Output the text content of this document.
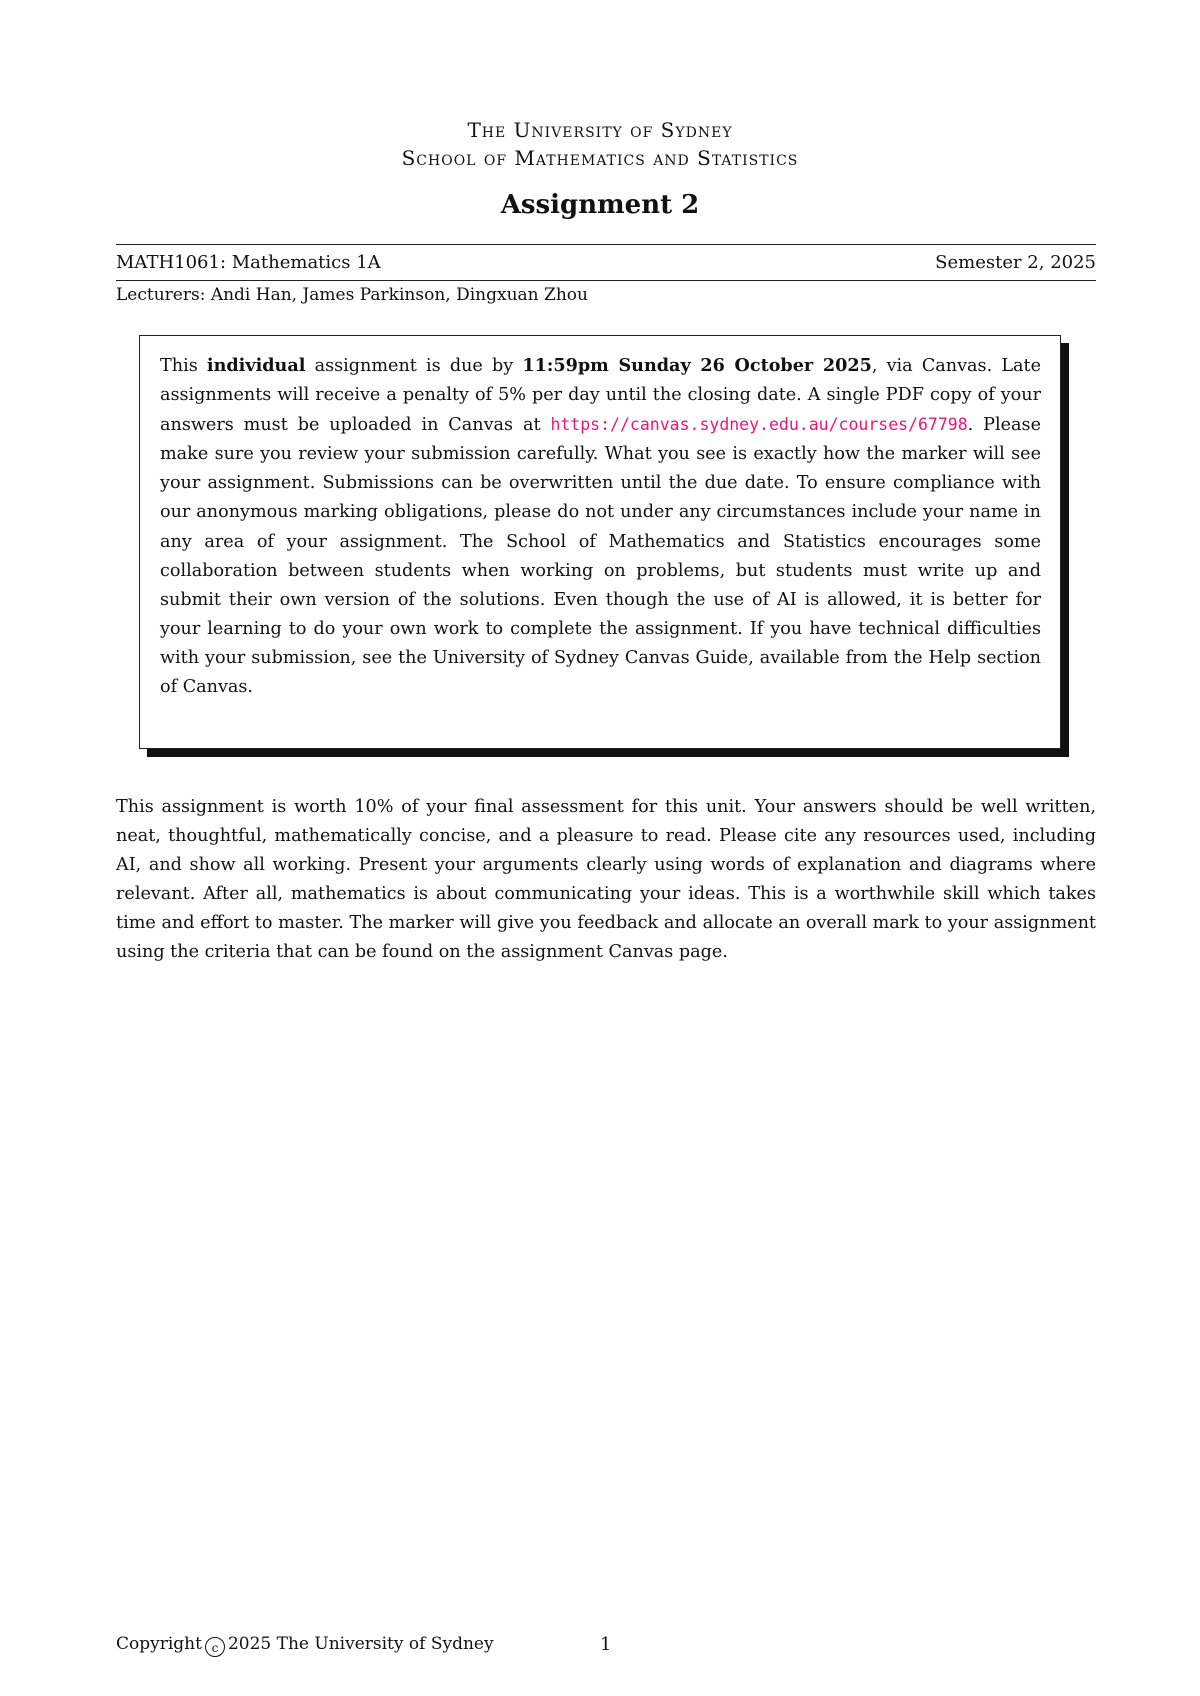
The University of Sydney
School of Mathematics and Statistics
Assignment 2
MATH1061: Mathematics 1A	Semester 2, 2025
Lecturers: Andi Han, James Parkinson, Dingxuan Zhou
This individual assignment is due by 11:59pm Sunday 26 October 2025, via Canvas. Late assignments will receive a penalty of 5% per day until the closing date. A single PDF copy of your answers must be uploaded in Canvas at https://canvas.sydney.edu.au/courses/67798. Please make sure you review your submission carefully. What you see is exactly how the marker will see your assignment. Submissions can be overwritten until the due date. To ensure compliance with our anonymous marking obligations, please do not under any circumstances include your name in any area of your assignment. The School of Mathematics and Statistics encourages some collaboration between students when working on problems, but students must write up and submit their own version of the solutions. Even though the use of AI is allowed, it is better for your learning to do your own work to complete the assignment. If you have technical difficulties with your submission, see the University of Sydney Canvas Guide, available from the Help section of Canvas.
This assignment is worth 10% of your final assessment for this unit. Your answers should be well written, neat, thoughtful, mathematically concise, and a pleasure to read. Please cite any resources used, including AI, and show all working. Present your arguments clearly using words of explanation and diagrams where relevant. After all, mathematics is about communicating your ideas. This is a worthwhile skill which takes time and effort to master. The marker will give you feedback and allocate an overall mark to your assignment using the criteria that can be found on the assignment Canvas page.
Copyright c 2025 The University of Sydney	1
